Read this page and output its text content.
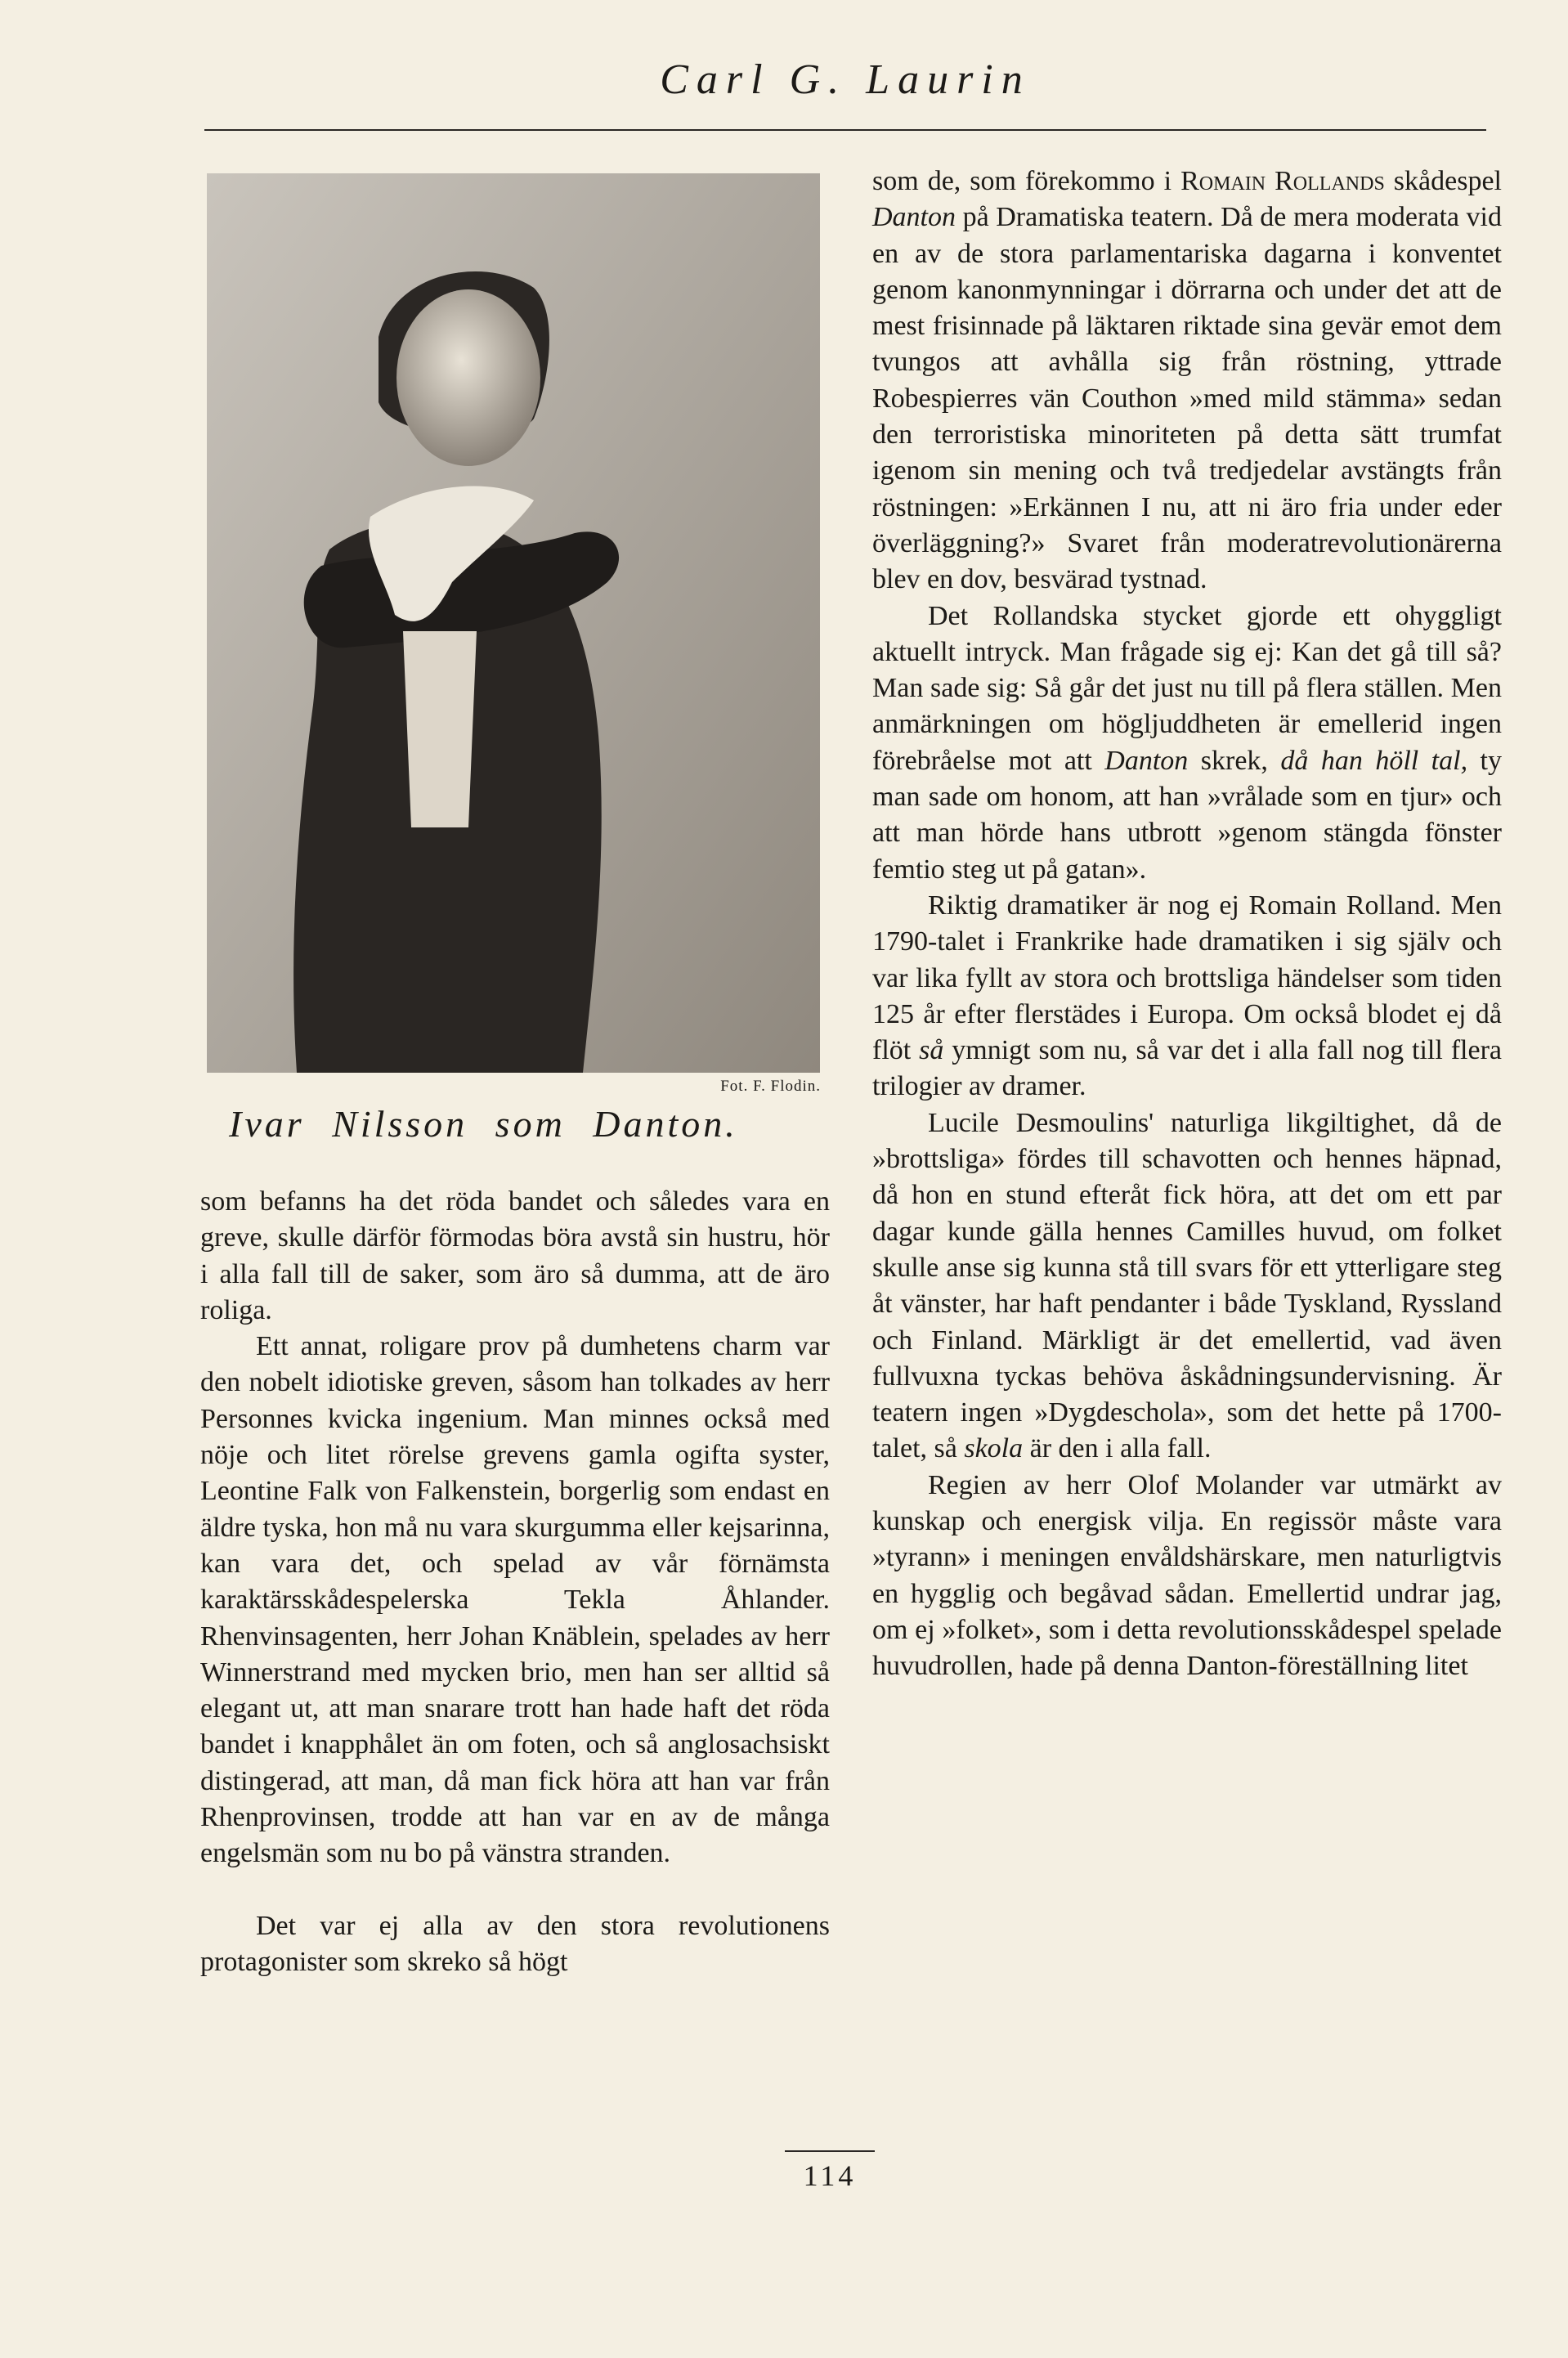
Carl G. Laurin
Fot. F. Flodin.
Ivar Nilsson som Danton.

som befanns ha det röda bandet och således vara en greve, skulle därför förmodas böra avstå sin hustru, hör i alla fall till de saker, som äro så dumma, att de äro roliga.

Ett annat, roligare prov på dumhetens charm var den nobelt idiotiske greven, såsom han tolkades av herr Personnes kvicka ingenium. Man minnes också med nöje och litet rörelse grevens gamla ogifta syster, Leontine Falk von Falkenstein, borgerlig som endast en äldre tyska, hon må nu vara skurgumma eller kejsarinna, kan vara det, och spelad av vår förnämsta karaktärsskådespelerska Tekla Åhlander. Rhenvinsagenten, herr Johan Knäblein, spelades av herr Winnerstrand med mycken brio, men han ser alltid så elegant ut, att man snarare trott han hade haft det röda bandet i knapphålet än om foten, och så anglosachsiskt distingerad, att man, då man fick höra att han var från Rhenprovinsen, trodde att han var en av de många engelsmän som nu bo på vänstra stranden.

Det var ej alla av den stora revolutionens protagonister som skreko så högt

som de, som förekommo i Romain Rollands skådespel Danton på Dramatiska teatern. Då de mera moderata vid en av de stora parlamentariska dagarna i konventet genom kanonmynningar i dörrarna och under det att de mest frisinnade på läktaren riktade sina gevär emot dem tvungos att avhålla sig från röstning, yttrade Robespierres vän Couthon »med mild stämma» sedan den terroristiska minoriteten på detta sätt trumfat igenom sin mening och två tredjedelar avstängts från röstningen: »Erkännen I nu, att ni äro fria under eder överläggning?» Svaret från moderatrevolutionärerna blev en dov, besvärad tystnad.

Det Rollandska stycket gjorde ett ohyggligt aktuellt intryck. Man frågade sig ej: Kan det gå till så? Man sade sig: Så går det just nu till på flera ställen. Men anmärkningen om högljuddheten är emellerid ingen förebråelse mot att Danton skrek, då han höll tal, ty man sade om honom, att han »vrålade som en tjur» och att man hörde hans utbrott »genom stängda fönster femtio steg ut på gatan».

Riktig dramatiker är nog ej Romain Rolland. Men 1790-talet i Frankrike hade dramatiken i sig själv och var lika fyllt av stora och brottsliga händelser som tiden 125 år efter flerstädes i Europa. Om också blodet ej då flöt så ymnigt som nu, så var det i alla fall nog till flera trilogier av dramer.

Lucile Desmoulins' naturliga likgiltighet, då de »brottsliga» fördes till schavotten och hennes häpnad, då hon en stund efteråt fick höra, att det om ett par dagar kunde gälla hennes Camilles huvud, om folket skulle anse sig kunna stå till svars för ett ytterligare steg åt vänster, har haft pendanter i både Tyskland, Ryssland och Finland. Märkligt är det emellertid, vad även fullvuxna tyckas behöva åskådningsundervisning. Är teatern ingen »Dygdeschola», som det hette på 1700-talet, så skola är den i alla fall.

Regien av herr Olof Molander var utmärkt av kunskap och energisk vilja. En regissör måste vara »tyrann» i meningen envåldshärskare, men naturligtvis en hygglig och begåvad sådan. Emellertid undrar jag, om ej »folket», som i detta revolutionsskådespel spelade huvudrollen, hade på denna Danton-föreställning litet

114
